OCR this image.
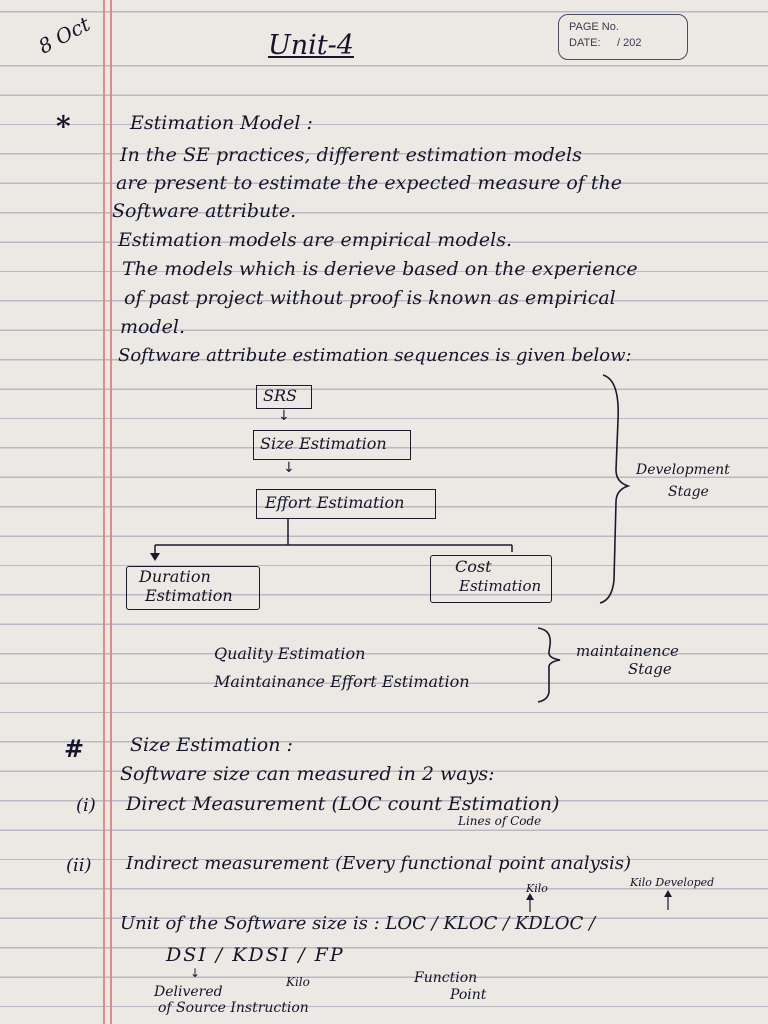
8 Oct	Unit-4
PAGE No.
DATE: / 202
*	Estimation Model :
In the SE practices, different estimation models
are present to estimate the expected measure of the
Software attribute.
Estimation models are empirical models.
The models which is derieve based on the experience
of past project without proof is known as empirical
model.
Software attribute estimation sequences is given below:
SRS
↓
Size Estimation
↓
Effort Estimation
Duration
Estimation
Cost
Estimation
Development
Stage
Quality Estimation
Maintainance Effort Estimation
maintainence
Stage
# Size Estimation :
Software size can measured in 2 ways:
(i) Direct Measurement (LOC count Estimation)
Lines of Code
(ii) Indirect measurement (Every functional point analysis)
Kilo	Kilo Developed
Unit of the Software size is : LOC / KLOC / KDLOC /
DSI / KDSI / FP
↓
Delivered
of Source Instruction
Kilo	Function
Point
